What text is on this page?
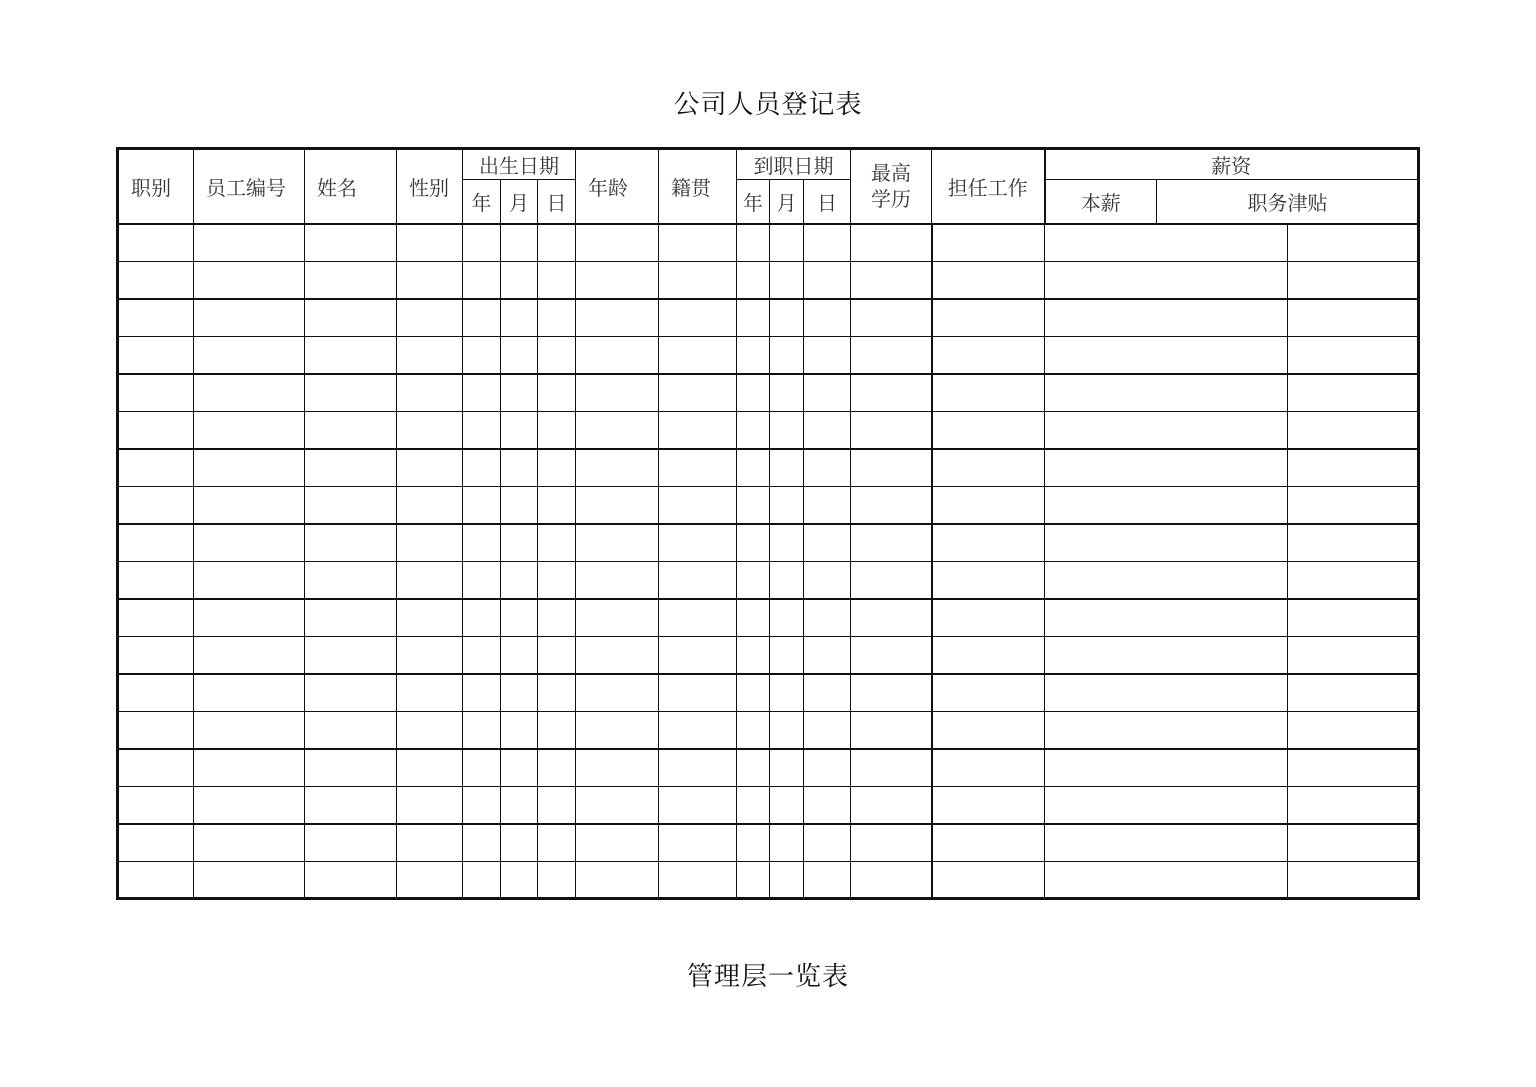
公司人员登记表
职别	员工编号	姓名	性别	出生日期			年龄	籍贯	到职日期			最高学历	担任工作	薪资			
				年	月	日			年	月	日			本薪	职务津贴	

管理层一览表
